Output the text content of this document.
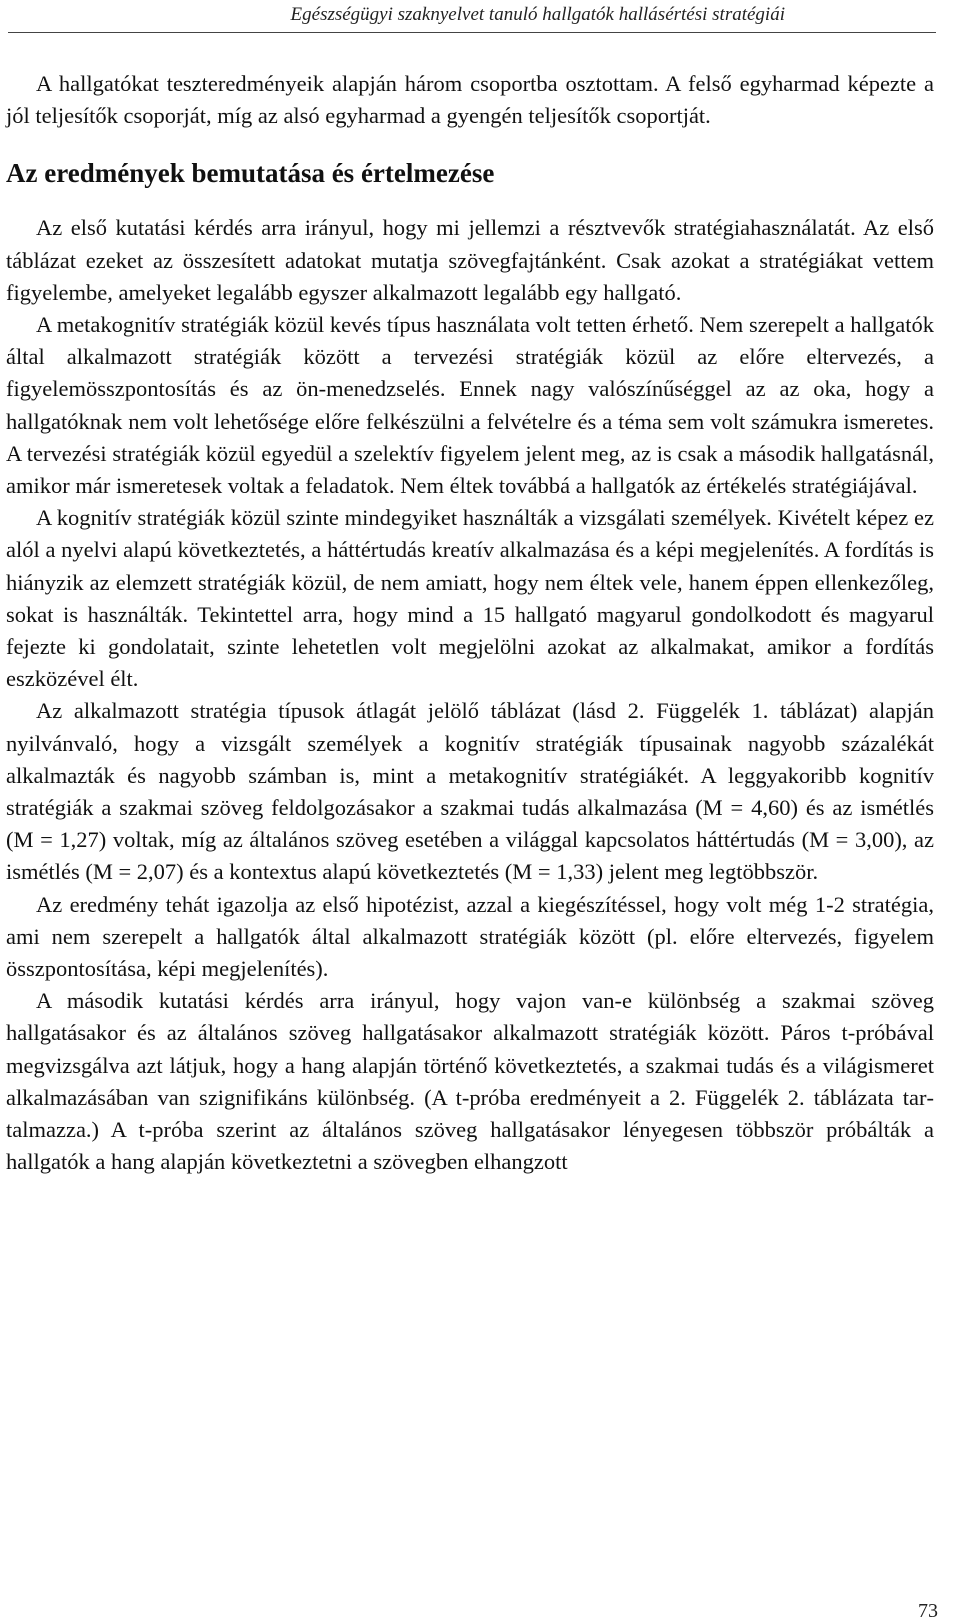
Egészségügyi szaknyelvet tanuló hallgatók hallásértési stratégiái

A hallgatókat teszteredményeik alapján három csoportba osztottam. A felső egyharmad képezte a jól teljesítők csoporját, míg az alsó egyharmad a gyengén teljesítők csoportját.

Az eredmények bemutatása és értelmezése

Az első kutatási kérdés arra irányul, hogy mi jellemzi a résztvevők stratégiahasználatát. Az első táblázat ezeket az összesített adatokat mutatja szövegfajtánként. Csak azokat a stratégiákat vettem figyelembe, amelyeket legalább egyszer alkalmazott legalább egy hallgató.

A metakognitív stratégiák közül kevés típus használata volt tetten érhető. Nem szerepelt a hallgatók által alkalmazott stratégiák között a tervezési stratégiák közül az előre eltervezés, a figyelemösszpontosítás és az ön-menedzselés. Ennek nagy valószínűséggel az az oka, hogy a hallgatóknak nem volt lehetősége előre felkészülni a felvételre és a téma sem volt számukra ismeretes. A tervezési stratégiák közül egyedül a szelektív figyelem jelent meg, az is csak a második hallgatásnál, amikor már ismeretesek voltak a feladatok. Nem éltek továbbá a hallgatók az értékelés stratégiájával.

A kognitív stratégiák közül szinte mindegyiket használták a vizsgálati személyek. Kivételt képez ez alól a nyelvi alapú következtetés, a háttértudás kreatív alkalmazása és a képi megjelenítés. A fordítás is hiányzik az elemzett stratégiák közül, de nem amiatt, hogy nem éltek vele, hanem éppen ellenkezőleg, sokat is használták. Tekintettel arra, hogy mind a 15 hallgató magyarul gondolkodott és magyarul fejezte ki gondolatait, szinte lehetetlen volt megjelölni azokat az alkalmakat, amikor a fordítás eszközével élt.

Az alkalmazott stratégia típusok átlagát jelölő táblázat (lásd 2. Függelék 1. táblázat) alapján nyilvánvaló, hogy a vizsgált személyek a kognitív stratégiák típusainak nagyobb százalékát alkalmazták és nagyobb számban is, mint a metakognitív stratégiákét. A leggyakoribb kognitív stratégiák a szakmai szöveg feldolgozásakor a szakmai tudás alkalmazása (M = 4,60) és az ismétlés (M = 1,27) voltak, míg az általános szöveg esetében a világgal kapcsolatos háttértudás (M = 3,00), az ismétlés (M = 2,07) és a kontextus alapú következtetés (M = 1,33) jelent meg legtöbbször.

Az eredmény tehát igazolja az első hipotézist, azzal a kiegészítéssel, hogy volt még 1-2 stratégia, ami nem szerepelt a hallgatók által alkalmazott stratégiák között (pl. előre eltervezés, figyelem összpontosítása, képi megjelenítés).

A második kutatási kérdés arra irányul, hogy vajon van-e különbség a szakmai szöveg hallgatásakor és az általános szöveg hallgatásakor alkalmazott stratégiák között. Páros t-próbával megvizsgálva azt látjuk, hogy a hang alapján történő következtetés, a szakmai tudás és a világismeret alkalmazásában van szignifikáns különbség. (A t-próba eredményeit a 2. Függelék 2. táblázata tartalmazza.) A t-próba szerint az általános szöveg hallgatásakor lényegesen többször próbálták a hallgatók a hang alapján következtetni a szövegben elhangzott

73
